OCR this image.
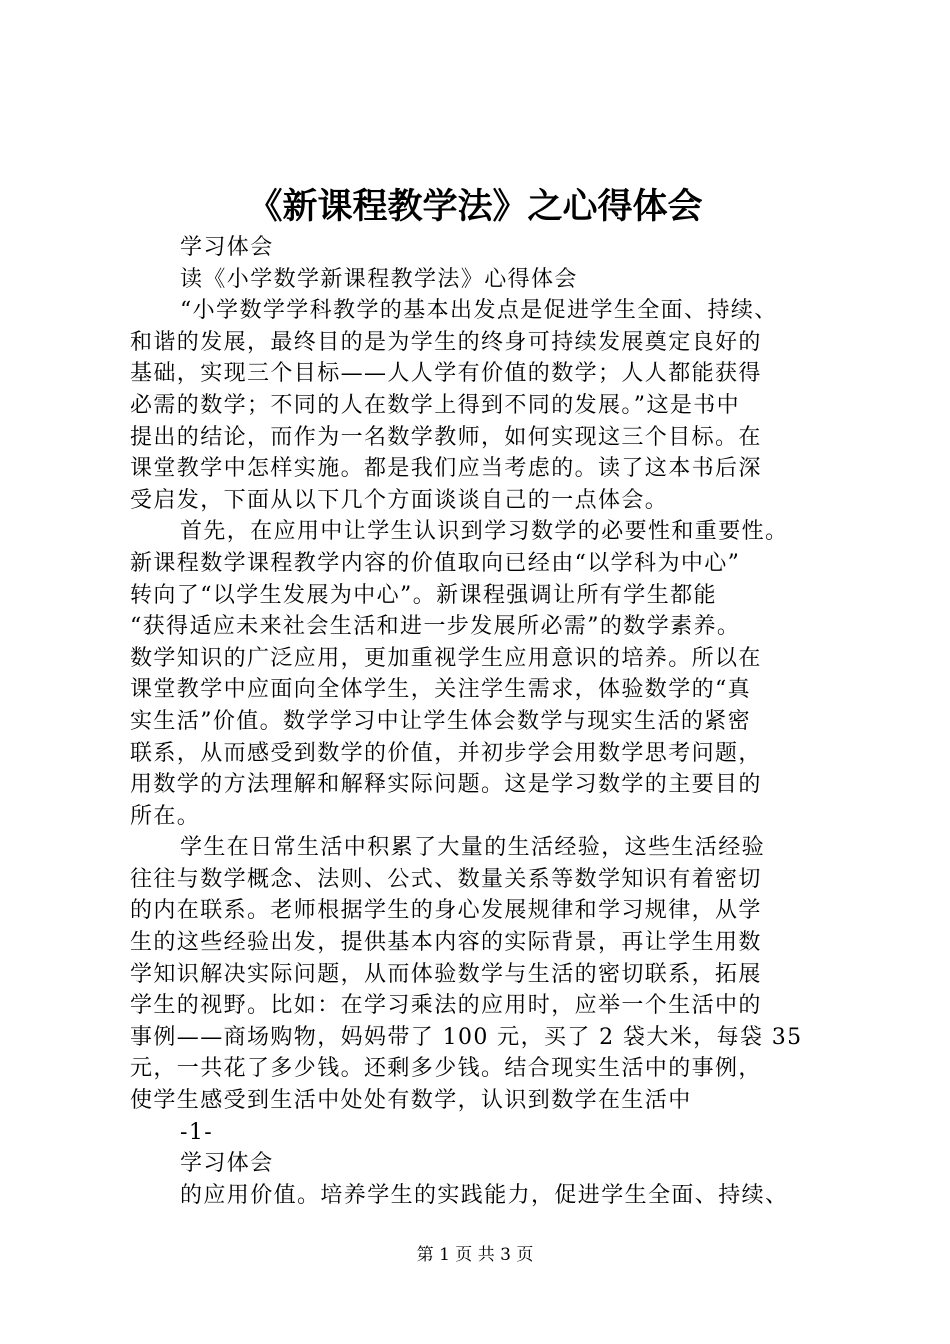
《新课程教学法》之心得体会
学习体会
读《小学数学新课程教学法》心得体会
“小学数学学科教学的基本出发点是促进学生全面、持续、
和谐的发展，最终目的是为学生的终身可持续发展奠定良好的
基础，实现三个目标——人人学有价值的数学；人人都能获得
必需的数学；不同的人在数学上得到不同的发展。”这是书中
提出的结论，而作为一名数学教师，如何实现这三个目标。在
课堂教学中怎样实施。都是我们应当考虑的。读了这本书后深
受启发，下面从以下几个方面谈谈自己的一点体会。
首先，在应用中让学生认识到学习数学的必要性和重要性。
新课程数学课程教学内容的价值取向已经由“以学科为中心”
转向了“以学生发展为中心”。新课程强调让所有学生都能
“获得适应未来社会生活和进一步发展所必需”的数学素养。
数学知识的广泛应用，更加重视学生应用意识的培养。所以在
课堂教学中应面向全体学生，关注学生需求，体验数学的“真
实生活”价值。数学学习中让学生体会数学与现实生活的紧密
联系，从而感受到数学的价值，并初步学会用数学思考问题，
用数学的方法理解和解释实际问题。这是学习数学的主要目的
所在。
学生在日常生活中积累了大量的生活经验，这些生活经验
往往与数学概念、法则、公式、数量关系等数学知识有着密切
的内在联系。老师根据学生的身心发展规律和学习规律，从学
生的这些经验出发，提供基本内容的实际背景，再让学生用数
学知识解决实际问题，从而体验数学与生活的密切联系，拓展
学生的视野。比如：在学习乘法的应用时，应举一个生活中的
事例——商场购物，妈妈带了 100 元，买了 2 袋大米，每袋 35
元，一共花了多少钱。还剩多少钱。结合现实生活中的事例，
使学生感受到生活中处处有数学，认识到数学在生活中
-1-
学习体会
的应用价值。培养学生的实践能力，促进学生全面、持续、
第 1 页 共 3 页
